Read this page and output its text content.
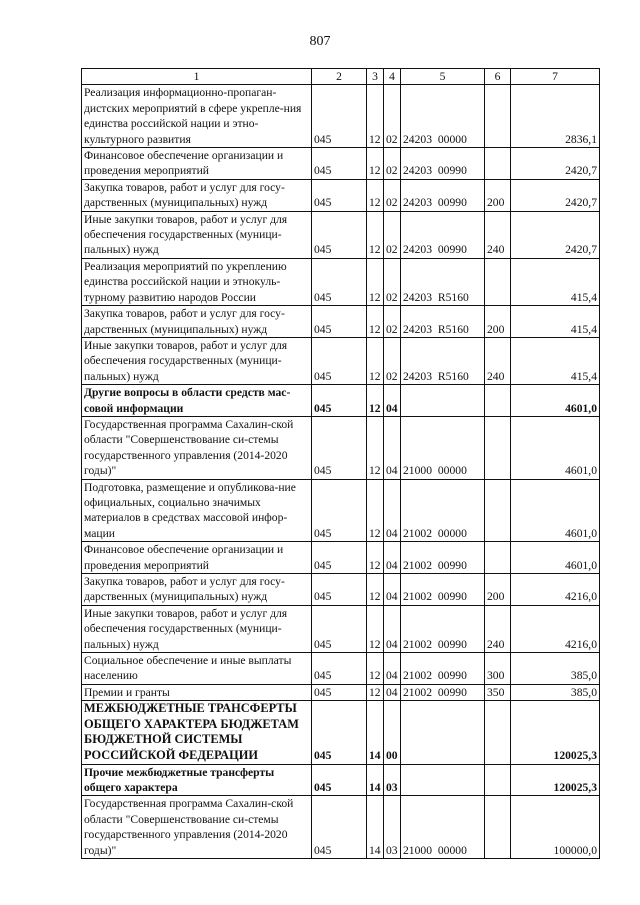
807
1	2	3	4	5	6	7
Реализация информационно-пропаган-дистских мероприятий в сфере укрепле-ния единства российской нации и этно-культурного развития	045	12	02	24203 00000		2836,1
Финансовое обеспечение организации и проведения мероприятий	045	12	02	24203 00990		2420,7
Закупка товаров, работ и услуг для госу-дарственных (муниципальных) нужд	045	12	02	24203 00990	200	2420,7
Иные закупки товаров, работ и услуг для обеспечения государственных (муници-пальных) нужд	045	12	02	24203 00990	240	2420,7
Реализация мероприятий по укреплению единства российской нации и этнокуль-турному развитию народов России	045	12	02	24203 R5160		415,4
Закупка товаров, работ и услуг для госу-дарственных (муниципальных) нужд	045	12	02	24203 R5160	200	415,4
Иные закупки товаров, работ и услуг для обеспечения государственных (муници-пальных) нужд	045	12	02	24203 R5160	240	415,4
Другие вопросы в области средств мас-совой информации	045	12	04			4601,0
Государственная программа Сахалин-ской области "Совершенствование си-стемы государственного управления (2014-2020 годы)"	045	12	04	21000 00000		4601,0
Подготовка, размещение и опубликова-ние официальных, социально значимых материалов в средствах массовой инфор-мации	045	12	04	21002 00000		4601,0
Финансовое обеспечение организации и проведения мероприятий	045	12	04	21002 00990		4601,0
Закупка товаров, работ и услуг для госу-дарственных (муниципальных) нужд	045	12	04	21002 00990	200	4216,0
Иные закупки товаров, работ и услуг для обеспечения государственных (муници-пальных) нужд	045	12	04	21002 00990	240	4216,0
Социальное обеспечение и иные выплаты населению	045	12	04	21002 00990	300	385,0
Премии и гранты	045	12	04	21002 00990	350	385,0
МЕЖБЮДЖЕТНЫЕ ТРАНСФЕРТЫ ОБЩЕГО ХАРАКТЕРА БЮДЖЕТАМ БЮДЖЕТНОЙ СИСТЕМЫ РОССИЙСКОЙ ФЕДЕРАЦИИ	045	14	00			120025,3
Прочие межбюджетные трансферты общего характера	045	14	03			120025,3
Государственная программа Сахалин-ской области "Совершенствование си-стемы государственного управления (2014-2020 годы)"	045	14	03	21000 00000		100000,0
